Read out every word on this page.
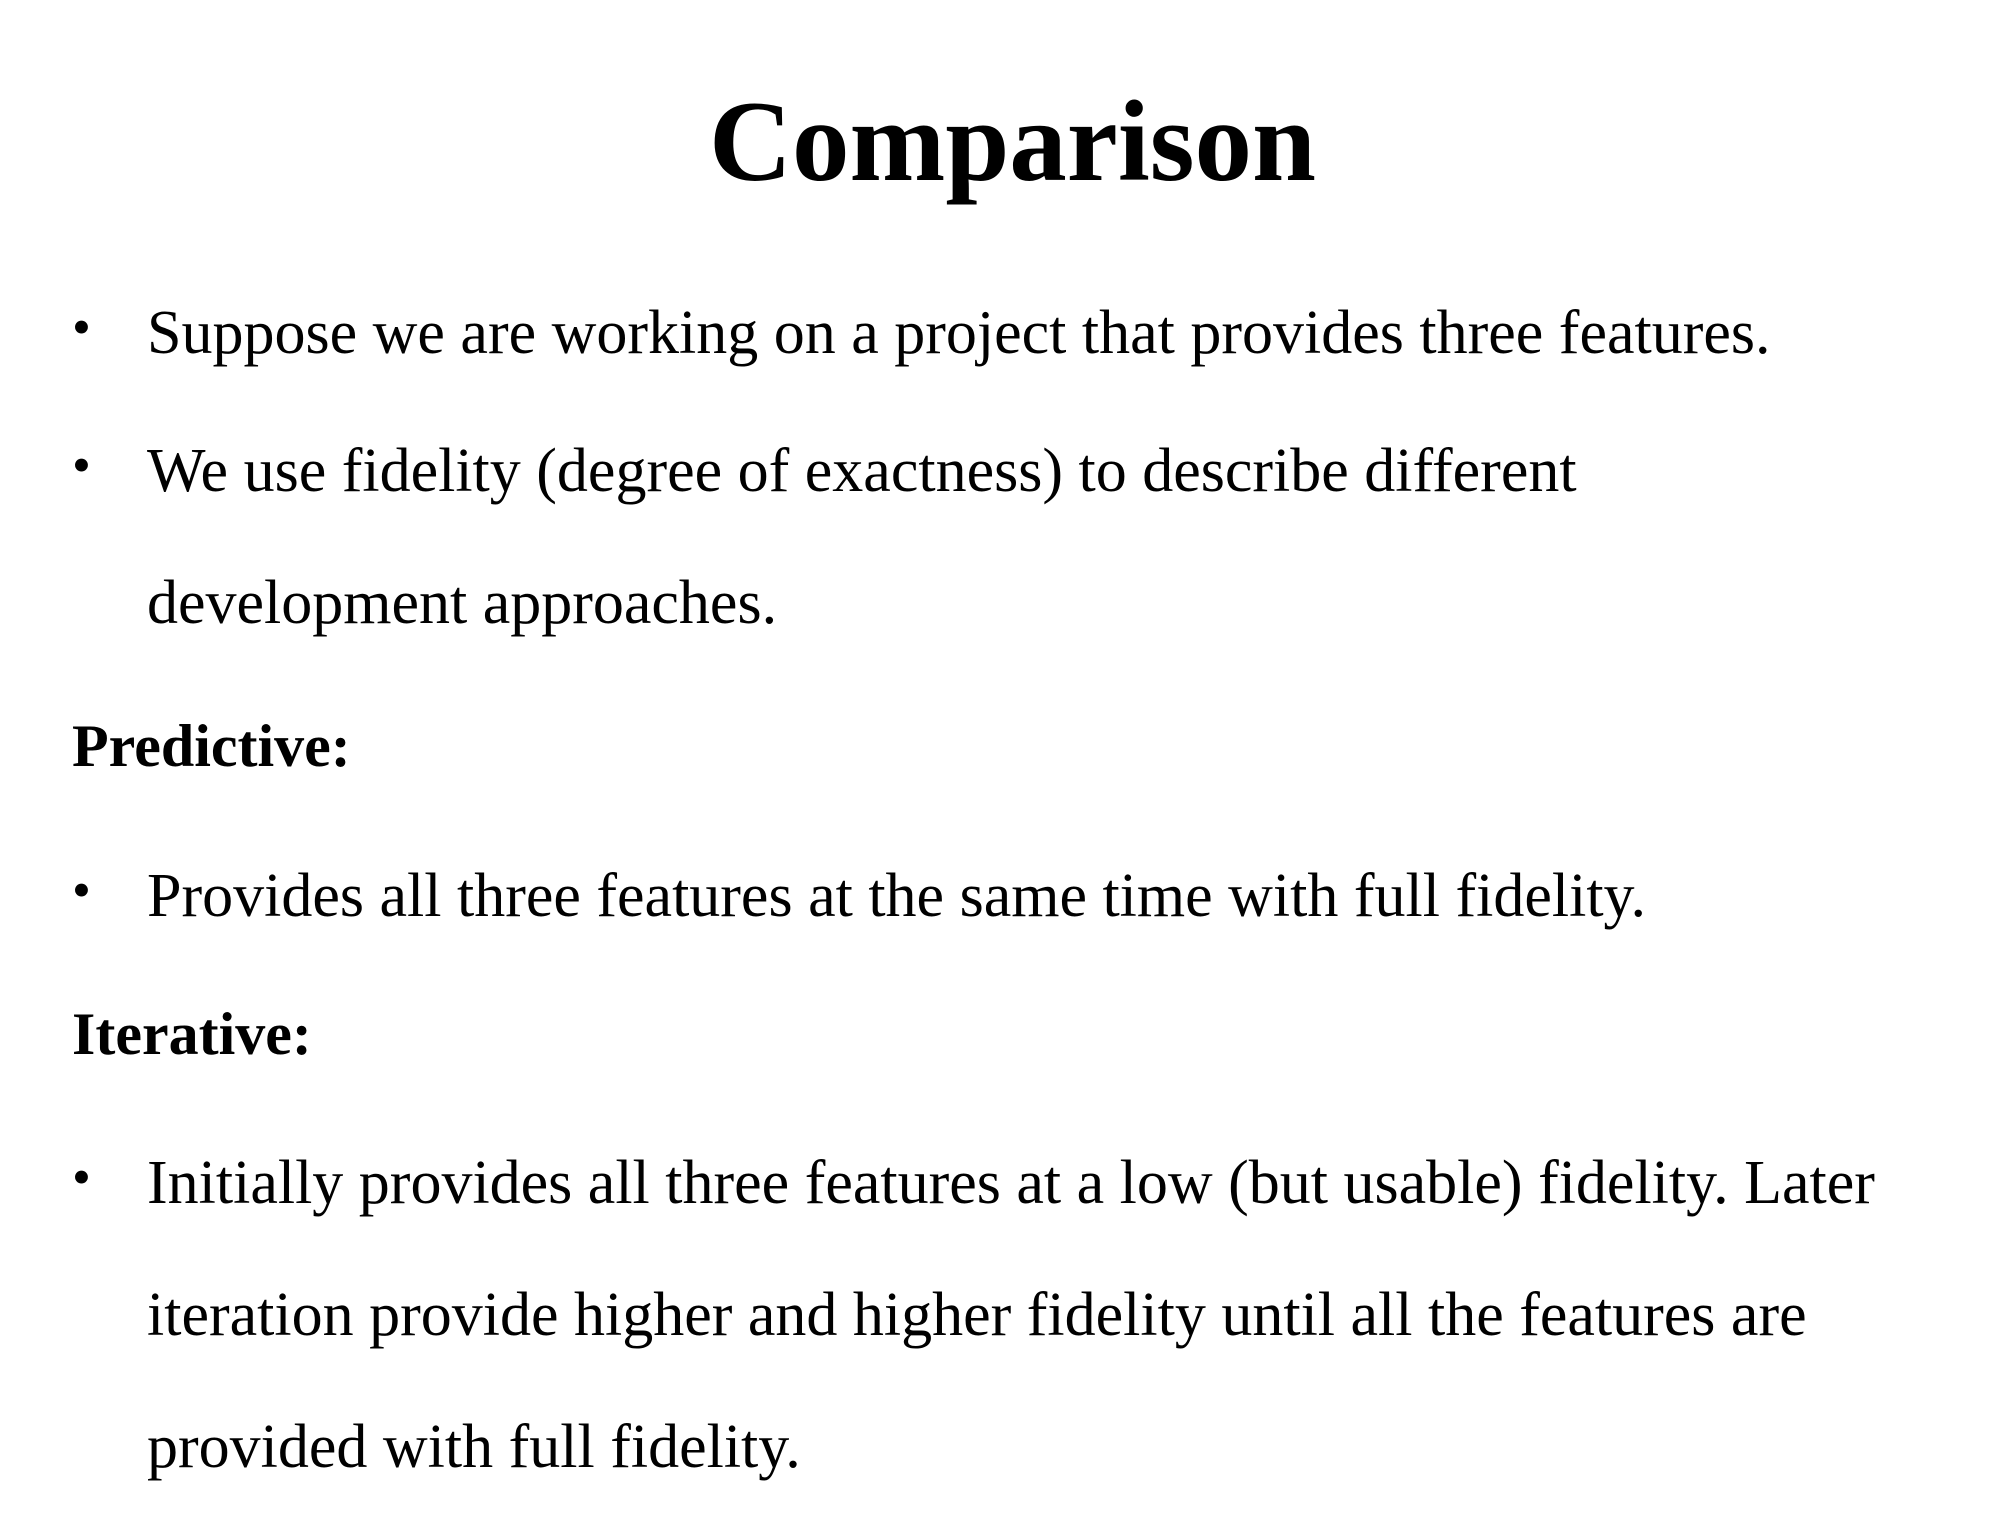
Comparison
• Suppose we are working on a project that provides three features.

• We use fidelity (degree of exactness) to describe different development approaches.

Predictive:
• Provides all three features at the same time with full fidelity.

Iterative:
• Initially provides all three features at a low (but usable) fidelity. Later iteration provide higher and higher fidelity until all the features are provided with full fidelity.
